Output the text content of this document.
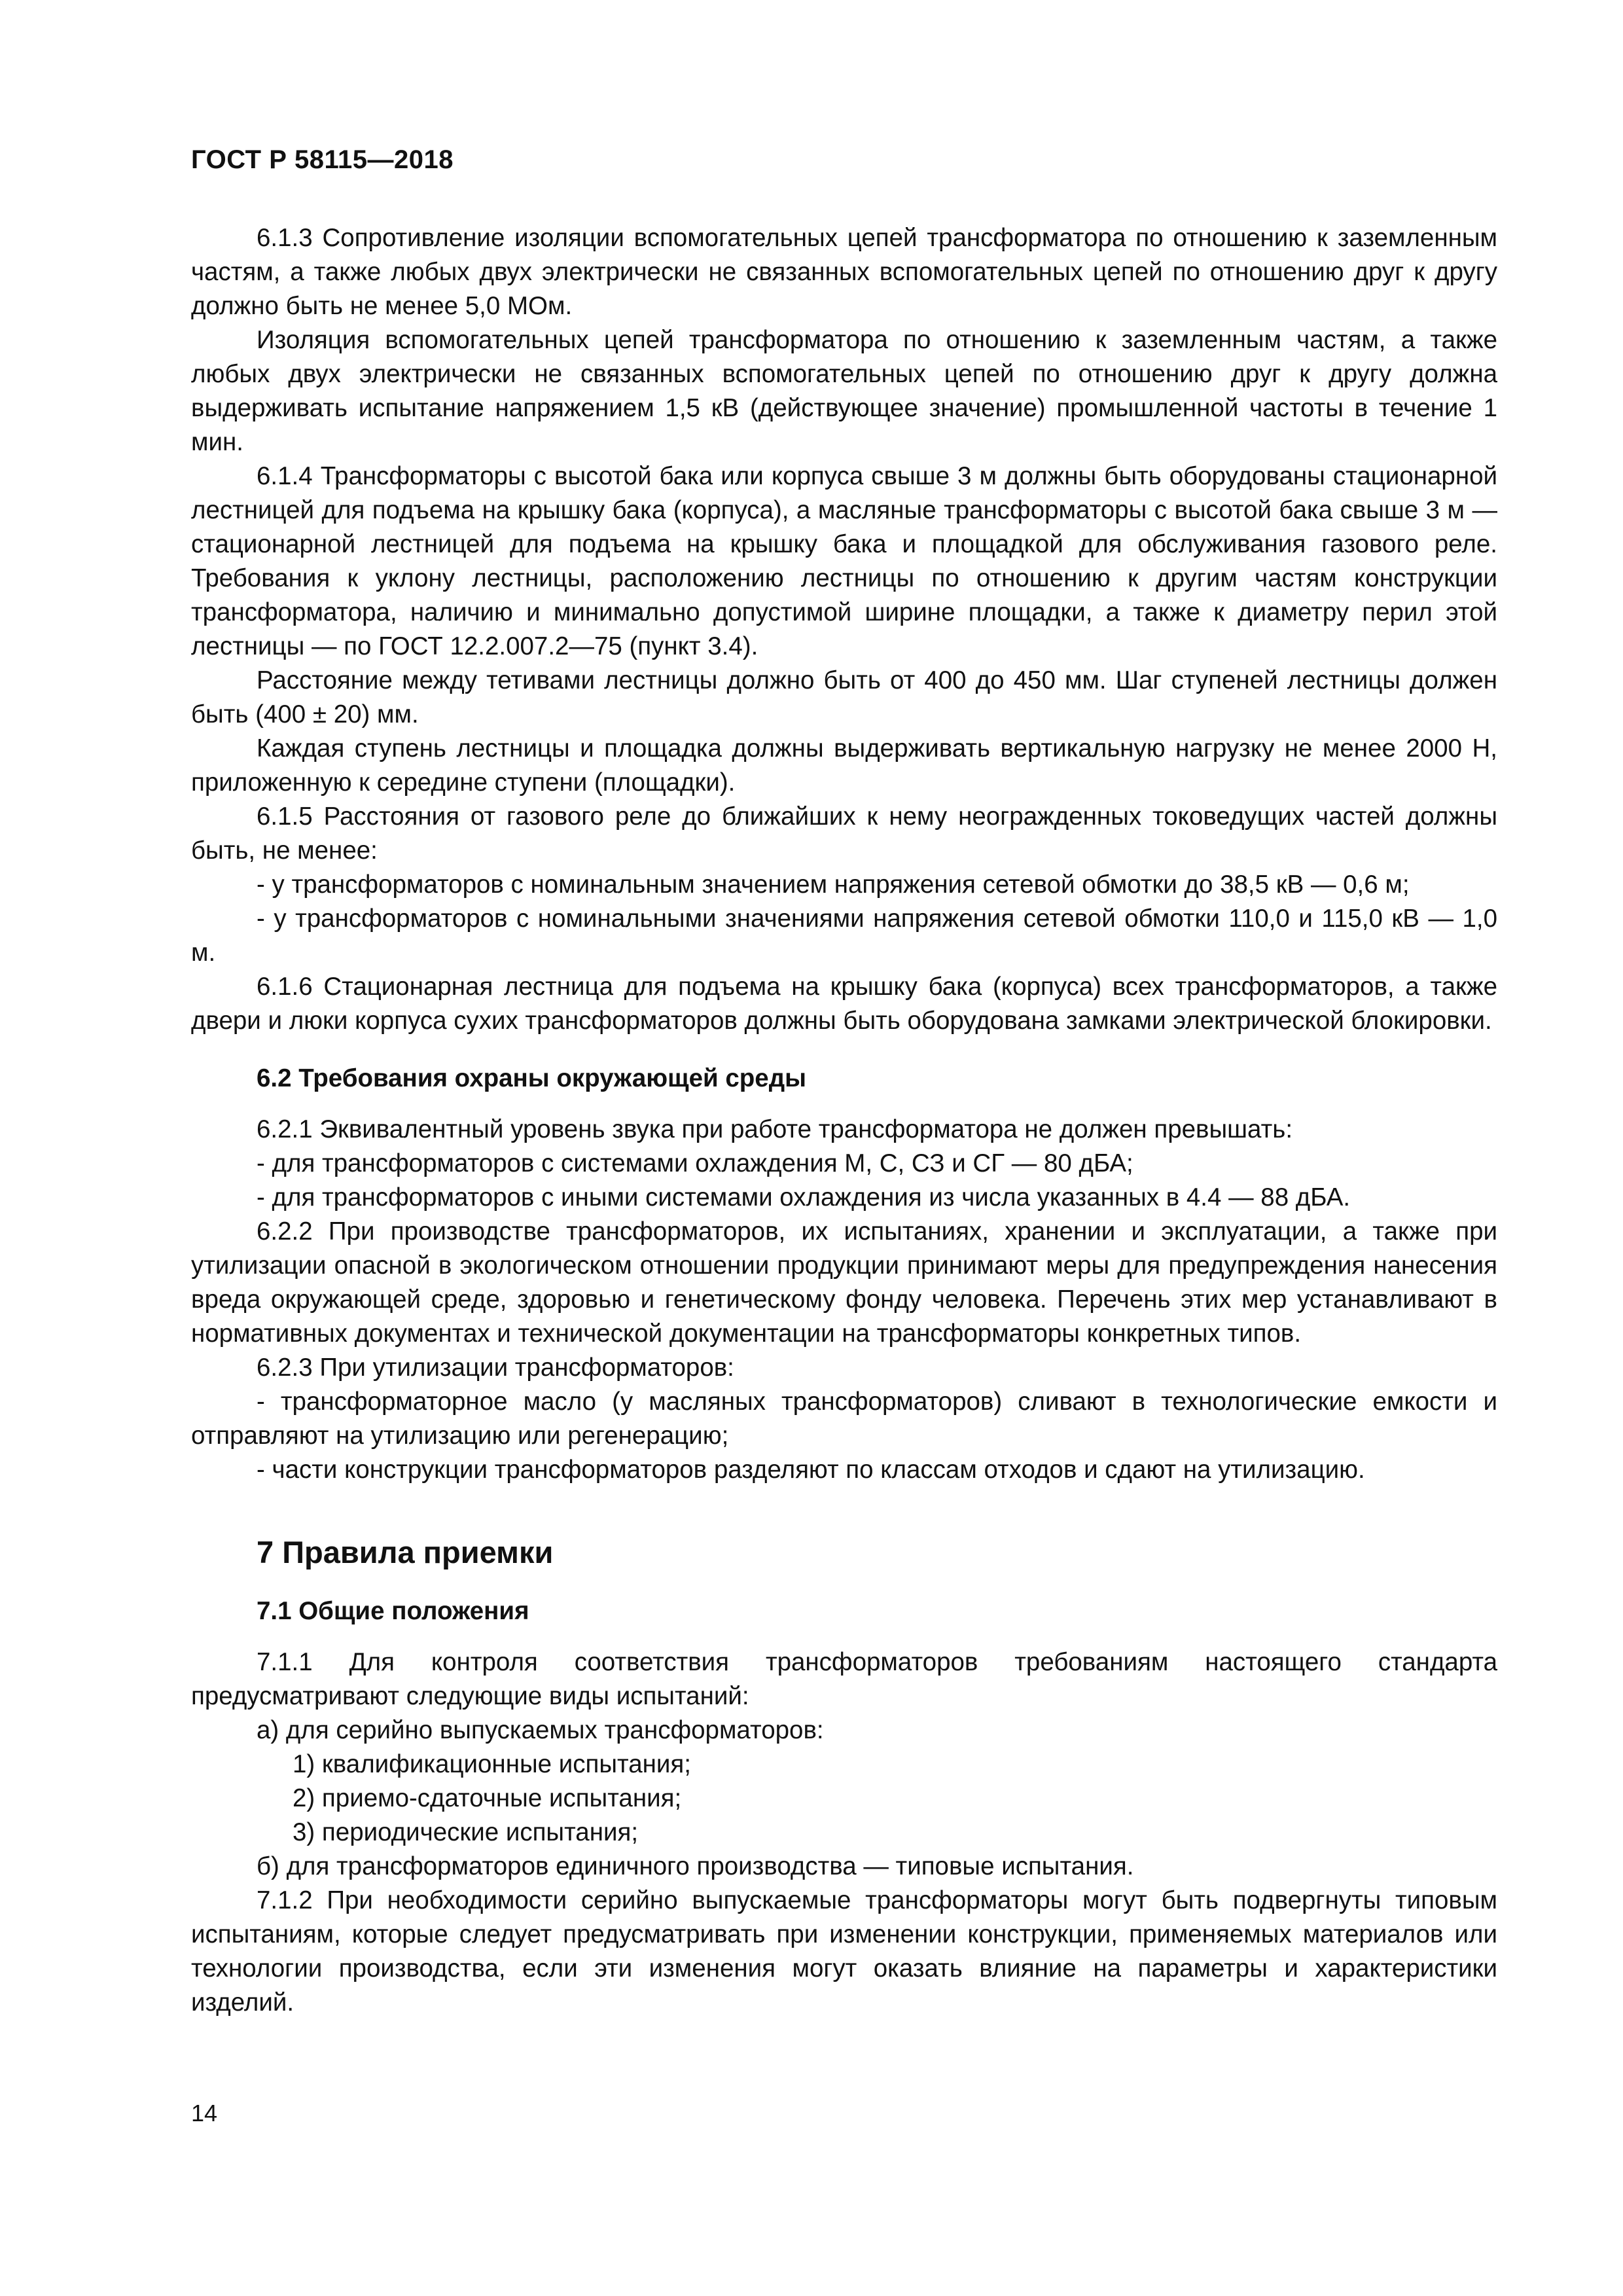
ГОСТ Р 58115—2018

6.1.3 Сопротивление изоляции вспомогательных цепей трансформатора по отношению к заземленным частям, а также любых двух электрически не связанных вспомогательных цепей по отношению друг к другу должно быть не менее 5,0 МОм.

Изоляция вспомогательных цепей трансформатора по отношению к заземленным частям, а также любых двух электрически не связанных вспомогательных цепей по отношению друг к другу должна выдерживать испытание напряжением 1,5 кВ (действующее значение) промышленной частоты в течение 1 мин.

6.1.4 Трансформаторы с высотой бака или корпуса свыше 3 м должны быть оборудованы стационарной лестницей для подъема на крышку бака (корпуса), а масляные трансформаторы с высотой бака свыше 3 м — стационарной лестницей для подъема на крышку бака и площадкой для обслуживания газового реле. Требования к уклону лестницы, расположению лестницы по отношению к другим частям конструкции трансформатора, наличию и минимально допустимой ширине площадки, а также к диаметру перил этой лестницы — по ГОСТ 12.2.007.2—75 (пункт 3.4).

Расстояние между тетивами лестницы должно быть от 400 до 450 мм. Шаг ступеней лестницы должен быть (400 ± 20) мм.

Каждая ступень лестницы и площадка должны выдерживать вертикальную нагрузку не менее 2000 Н, приложенную к середине ступени (площадки).

6.1.5 Расстояния от газового реле до ближайших к нему неогражденных токоведущих частей должны быть, не менее:

- у трансформаторов с номинальным значением напряжения сетевой обмотки до 38,5 кВ — 0,6 м;

- у трансформаторов с номинальными значениями напряжения сетевой обмотки 110,0 и 115,0 кВ — 1,0 м.

6.1.6 Стационарная лестница для подъема на крышку бака (корпуса) всех трансформаторов, а также двери и люки корпуса сухих трансформаторов должны быть оборудована замками электрической блокировки.

6.2 Требования охраны окружающей среды

6.2.1 Эквивалентный уровень звука при работе трансформатора не должен превышать:

- для трансформаторов с системами охлаждения М, С, СЗ и СГ — 80 дБА;

- для трансформаторов с иными системами охлаждения из числа указанных в 4.4 — 88 дБА.

6.2.2 При производстве трансформаторов, их испытаниях, хранении и эксплуатации, а также при утилизации опасной в экологическом отношении продукции принимают меры для предупреждения нанесения вреда окружающей среде, здоровью и генетическому фонду человека. Перечень этих мер устанавливают в нормативных документах и технической документации на трансформаторы конкретных типов.

6.2.3 При утилизации трансформаторов:

- трансформаторное масло (у масляных трансформаторов) сливают в технологические емкости и отправляют на утилизацию или регенерацию;

- части конструкции трансформаторов разделяют по классам отходов и сдают на утилизацию.

7 Правила приемки

7.1 Общие положения

7.1.1 Для контроля соответствия трансформаторов требованиям настоящего стандарта предусматривают следующие виды испытаний:

а) для серийно выпускаемых трансформаторов:

1) квалификационные испытания;

2) приемо-сдаточные испытания;

3) периодические испытания;

б) для трансформаторов единичного производства — типовые испытания.

7.1.2 При необходимости серийно выпускаемые трансформаторы могут быть подвергнуты типовым испытаниям, которые следует предусматривать при изменении конструкции, применяемых материалов или технологии производства, если эти изменения могут оказать влияние на параметры и характеристики изделий.

14
